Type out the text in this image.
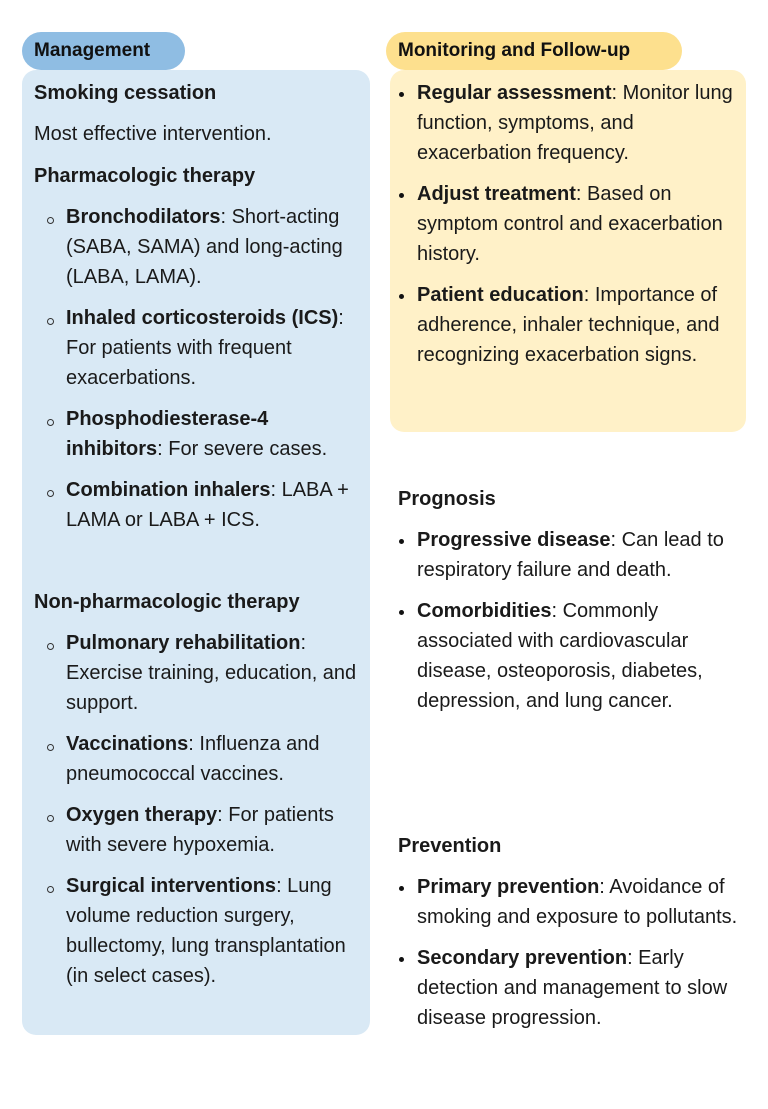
Management	Monitoring and Follow-up

Smoking cessation

Most effective intervention.

Pharmacologic therapy

Bronchodilators: Short-acting (SABA, SAMA) and long-acting (LABA, LAMA).
Inhaled corticosteroids (ICS): For patients with frequent exacerbations.
Phosphodiesterase-4 inhibitors: For severe cases.
Combination inhalers: LABA + LAMA or LABA + ICS.

Non-pharmacologic therapy

Pulmonary rehabilitation: Exercise training, education, and support.
Vaccinations: Influenza and pneumococcal vaccines.
Oxygen therapy: For patients with severe hypoxemia.
Surgical interventions: Lung volume reduction surgery, bullectomy, lung transplantation (in select cases).
Regular assessment: Monitor lung function, symptoms, and exacerbation frequency.
Adjust treatment: Based on symptom control and exacerbation history.
Patient education: Importance of adherence, inhaler technique, and recognizing exacerbation signs.

Prognosis

Progressive disease: Can lead to respiratory failure and death.
Comorbidities: Commonly associated with cardiovascular disease, osteoporosis, diabetes, depression, and lung cancer.

Prevention

Primary prevention: Avoidance of smoking and exposure to pollutants.
Secondary prevention: Early detection and management to slow disease progression.
